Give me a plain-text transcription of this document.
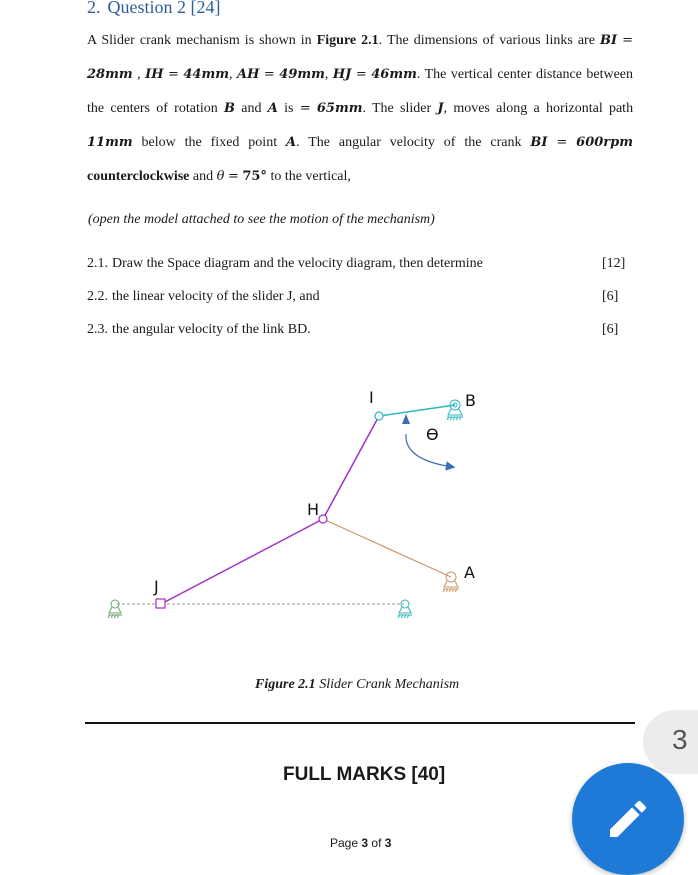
2. Question 2 [24]
A Slider crank mechanism is shown in Figure 2.1. The dimensions of various links are BI = 28mm , IH = 44mm, AH = 49mm, HJ = 46mm. The vertical center distance between the centers of rotation B and A is = 65mm. The slider J, moves along a horizontal path 11mm below the fixed point A. The angular velocity of the crank BI = 600rpm counterclockwise and θ = 75° to the vertical,
(open the model attached to see the motion of the mechanism)
2.1. Draw the Space diagram and the velocity diagram, then determine	[12]
2.2. the linear velocity of the slider J, and	[6]
2.3. the angular velocity of the link BD.	[6]
I	B
Ө
H
A
J
Figure 2.1 Slider Crank Mechanism
FULL MARKS [40]
Page 3 of 3
3
